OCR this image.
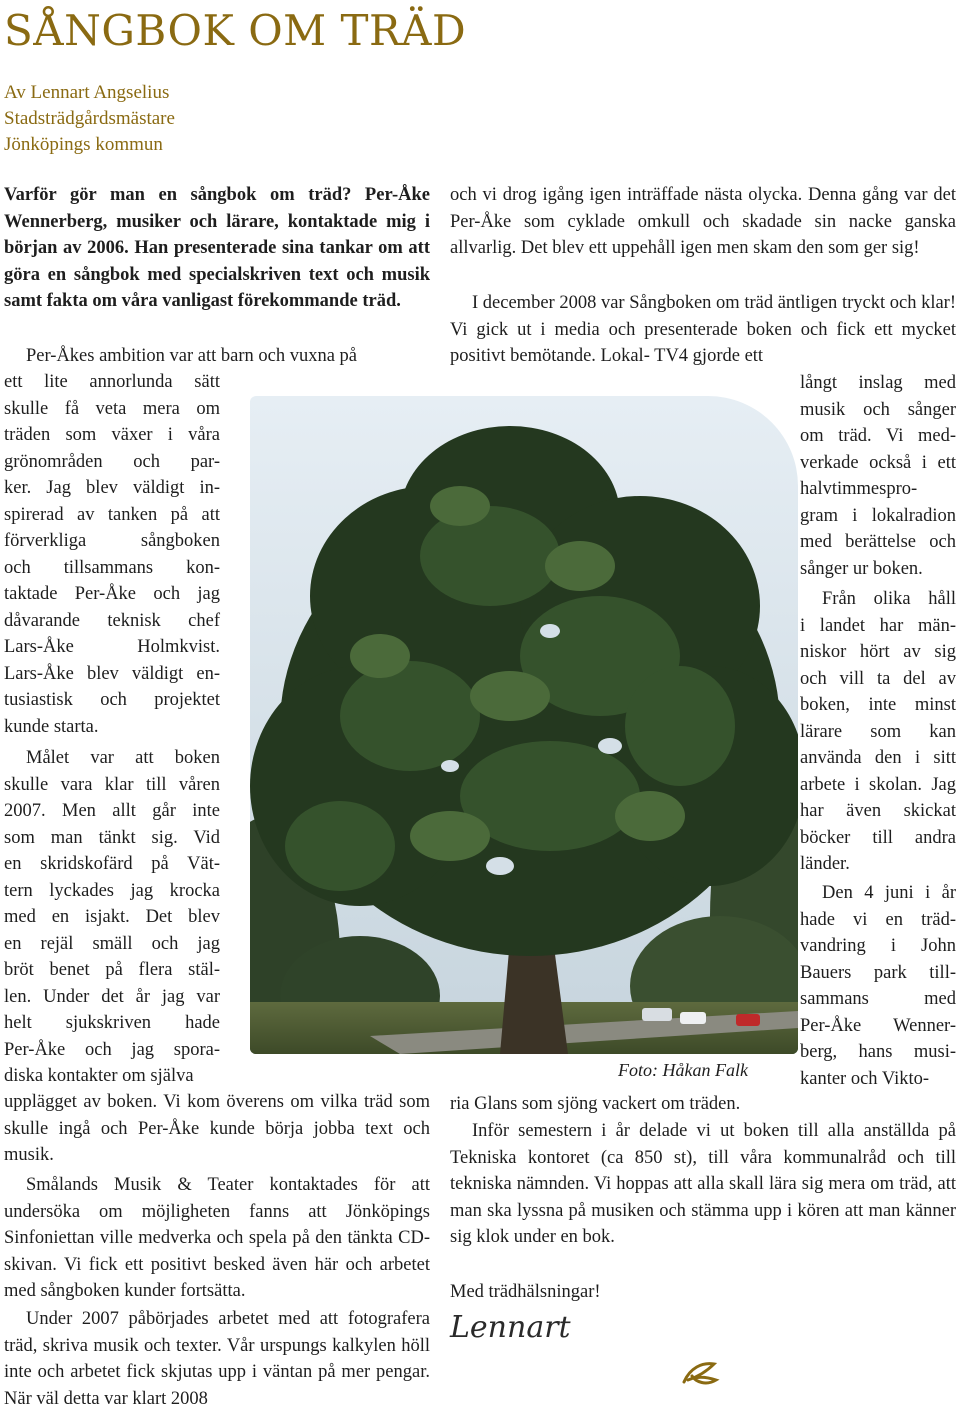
SÅNGBOK OM TRÄD
Av Lennart Angselius
Stadsträdgårdsmästare
Jönköpings kommun

Varför gör man en sångbok om träd? Per-Åke Wennerberg, musiker och lärare, kontaktade mig i början av 2006. Han presenterade sina tankar om att göra en sångbok med specialskriven text och musik samt fakta om våra vanligast förekommande träd.

Per-Åkes ambition var att barn och vuxna på

ett lite annorlunda sätt
skulle få veta mera om
träden som växer i våra
grönområden och par-
ker. Jag blev väldigt in-
spirerad av tanken på att
förverkliga sångboken
och tillsammans kon-
taktade Per-Åke och jag
dåvarande teknisk chef
Lars-Åke Holmkvist.
Lars-Åke blev väldigt en-
tusiastisk och projektet
kunde starta.
Målet var att boken
skulle vara klar till våren
2007. Men allt går inte
som man tänkt sig. Vid
en skridskofärd på Vät-
tern lyckades jag krocka
med en isjakt. Det blev
en rejäl smäll och jag
bröt benet på flera stäl-
len. Under det år jag var
helt sjukskriven hade
Per-Åke och jag spora-
diska kontakter om själva

upplägget av boken. Vi kom överens om vilka träd som skulle ingå och Per-Åke kunde börja jobba text och musik.

Smålands Musik & Teater kontaktades för att undersöka om möjligheten fanns att Jönköpings Sinfoniettan ville medverka och spela på den tänkta CD-skivan. Vi fick ett positivt besked även här och arbetet med sångboken kunder fortsätta.

Under 2007 påbörjades arbetet med att fotografera träd, skriva musik och texter. Vår urspungs kalkylen höll inte och arbetet fick skjutas upp i väntan på mer pengar. När väl detta var klart 2008

och vi drog igång igen inträffade nästa olycka. Denna gång var det Per-Åke som cyklade omkull och skadade sin nacke ganska allvarlig. Det blev ett uppehåll igen men skam den som ger sig!

I december 2008 var Sångboken om träd äntligen tryckt och klar! Vi gick ut i media och presenterade boken och fick ett mycket positivt bemötande. Lokal- TV4 gjorde ett

långt inslag med
musik och sånger
om träd. Vi med-
verkade också i ett
halvtimmespro-
gram i lokalradion
med berättelse och
sånger ur boken.
Från olika håll
i landet har män-
niskor hört av sig
och vill ta del av
boken, inte minst
lärare som kan
använda den i sitt
arbete i skolan. Jag
har även skickat
böcker till andra
länder.
Den 4 juni i år
hade vi en träd-
vandring i John
Bauers park till-
sammans med
Per-Åke Wenner-
berg, hans musi-
kanter och Vikto-

ria Glans som sjöng vackert om träden.

Inför semestern i år delade vi ut boken till alla anställda på Tekniska kontoret (ca 850 st), till våra kommunalråd och till tekniska nämnden. Vi hoppas att alla skall lära sig mera om träd, att man ska lyssna på musiken och stämma upp i kören att man känner sig klok under en bok.

Med trädhälsningar!

Lennart
Foto: Håkan Falk
